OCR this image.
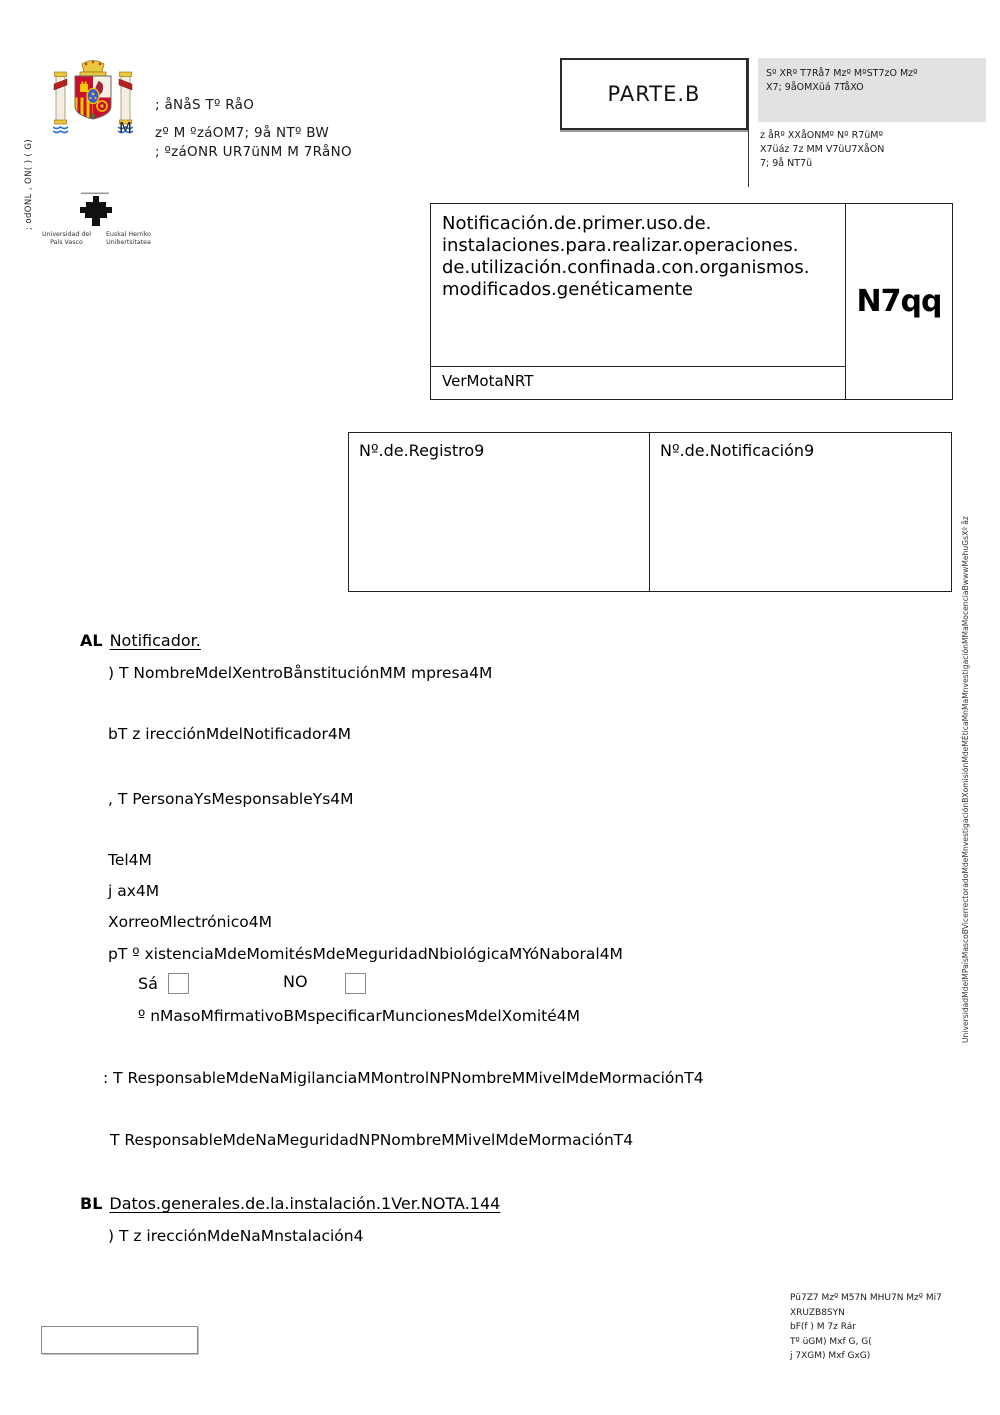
; odONL , ON( ) ( G)
M
; åNåS Tº RåO
zº M ºzáOM7; 9å NTº BW
; ºzáONR UR7üNM M 7RåNO
Universidad del País Vasco
Euskal Herriko Unibertsitatea
PARTE.B
Sº XRº T7Rå7 Mzº MºST7zO Mzº
X7; 9åOMXüá 7TåXO
z åRº XXåONMº Nº R7üMº
X7üáz 7z MM V7üU7XåON
7; 9å NT7ü
Notificación.de.primer.uso.de.
instalaciones.para.realizar.operaciones.
de.utilización.confinada.con.organismos.
modificados.genéticamente
VerMotaNRT
N7qq
Nº.de.Registro9	Nº.de.Notificación9
AL Notificador.
) T NombreMdelXentroBånstituciónMM mpresa4M
bT z irecciónMdelNotificador4M
, T PersonaYsMesponsableYs4M
Tel4M
j ax4M
XorreoMlectrónico4M
pT º xistenciaMdeMomitésMdeMeguridadNbiológicaMYóNaboral4M
Sá	NO
º nMasoMfirmativoBMspecificarMuncionesMdelXomité4M
: T ResponsableMdeNaMigilanciaMMontrolNPNombreMMivelMdeMormaciónT4
T ResponsableMdeNaMeguridadNPNombreMMivelMdeMormaciónT4
BL Datos.generales.de.la.instalación.1Ver.NOTA.144
) T z irecciónMdeNaMnstalación4
Pü7Z7 Mzº M57N MHU7N Mzº Mi7
XRUZB8SYN
bF(f ) M 7z Rár
Tº üGM) Mxf G, G(
j 7XGM) Mxf GxG)
UniversidadMdelMPaísMascoBVicerrectoradoMdeMnvestigaciónBXomisiónMdeMÉticaMnMaMnvestigaciónMMaMocenciaBwwwMehuGsXº åz
